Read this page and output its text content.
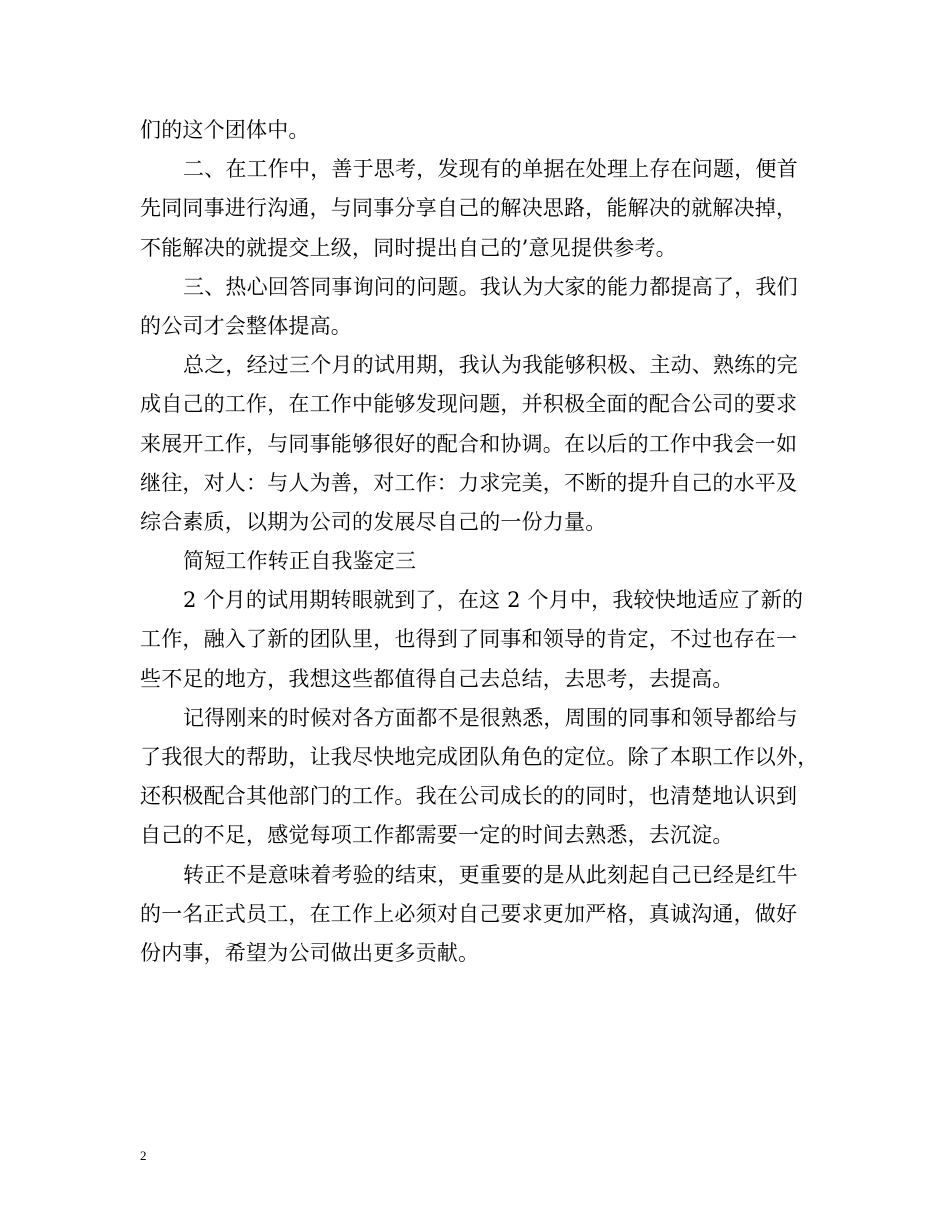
们的这个团体中。
二、在工作中，善于思考，发现有的单据在处理上存在问题，便首
先同同事进行沟通，与同事分享自己的解决思路，能解决的就解决掉，
不能解决的就提交上级，同时提出自己的’意见提供参考。
三、热心回答同事询问的问题。我认为大家的能力都提高了，我们
的公司才会整体提高。
总之，经过三个月的试用期，我认为我能够积极、主动、熟练的完
成自己的工作，在工作中能够发现问题，并积极全面的配合公司的要求
来展开工作，与同事能够很好的配合和协调。在以后的工作中我会一如
继往，对人：与人为善，对工作：力求完美，不断的提升自己的水平及
综合素质，以期为公司的发展尽自己的一份力量。
简短工作转正自我鉴定三
2 个月的试用期转眼就到了，在这 2 个月中，我较快地适应了新的
工作，融入了新的团队里，也得到了同事和领导的肯定，不过也存在一
些不足的地方，我想这些都值得自己去总结，去思考，去提高。
记得刚来的时候对各方面都不是很熟悉，周围的同事和领导都给与
了我很大的帮助，让我尽快地完成团队角色的定位。除了本职工作以外，
还积极配合其他部门的工作。我在公司成长的的同时，也清楚地认识到
自己的不足，感觉每项工作都需要一定的时间去熟悉，去沉淀。
转正不是意味着考验的结束，更重要的是从此刻起自己已经是红牛
的一名正式员工，在工作上必须对自己要求更加严格，真诚沟通，做好
份内事，希望为公司做出更多贡献。
2
